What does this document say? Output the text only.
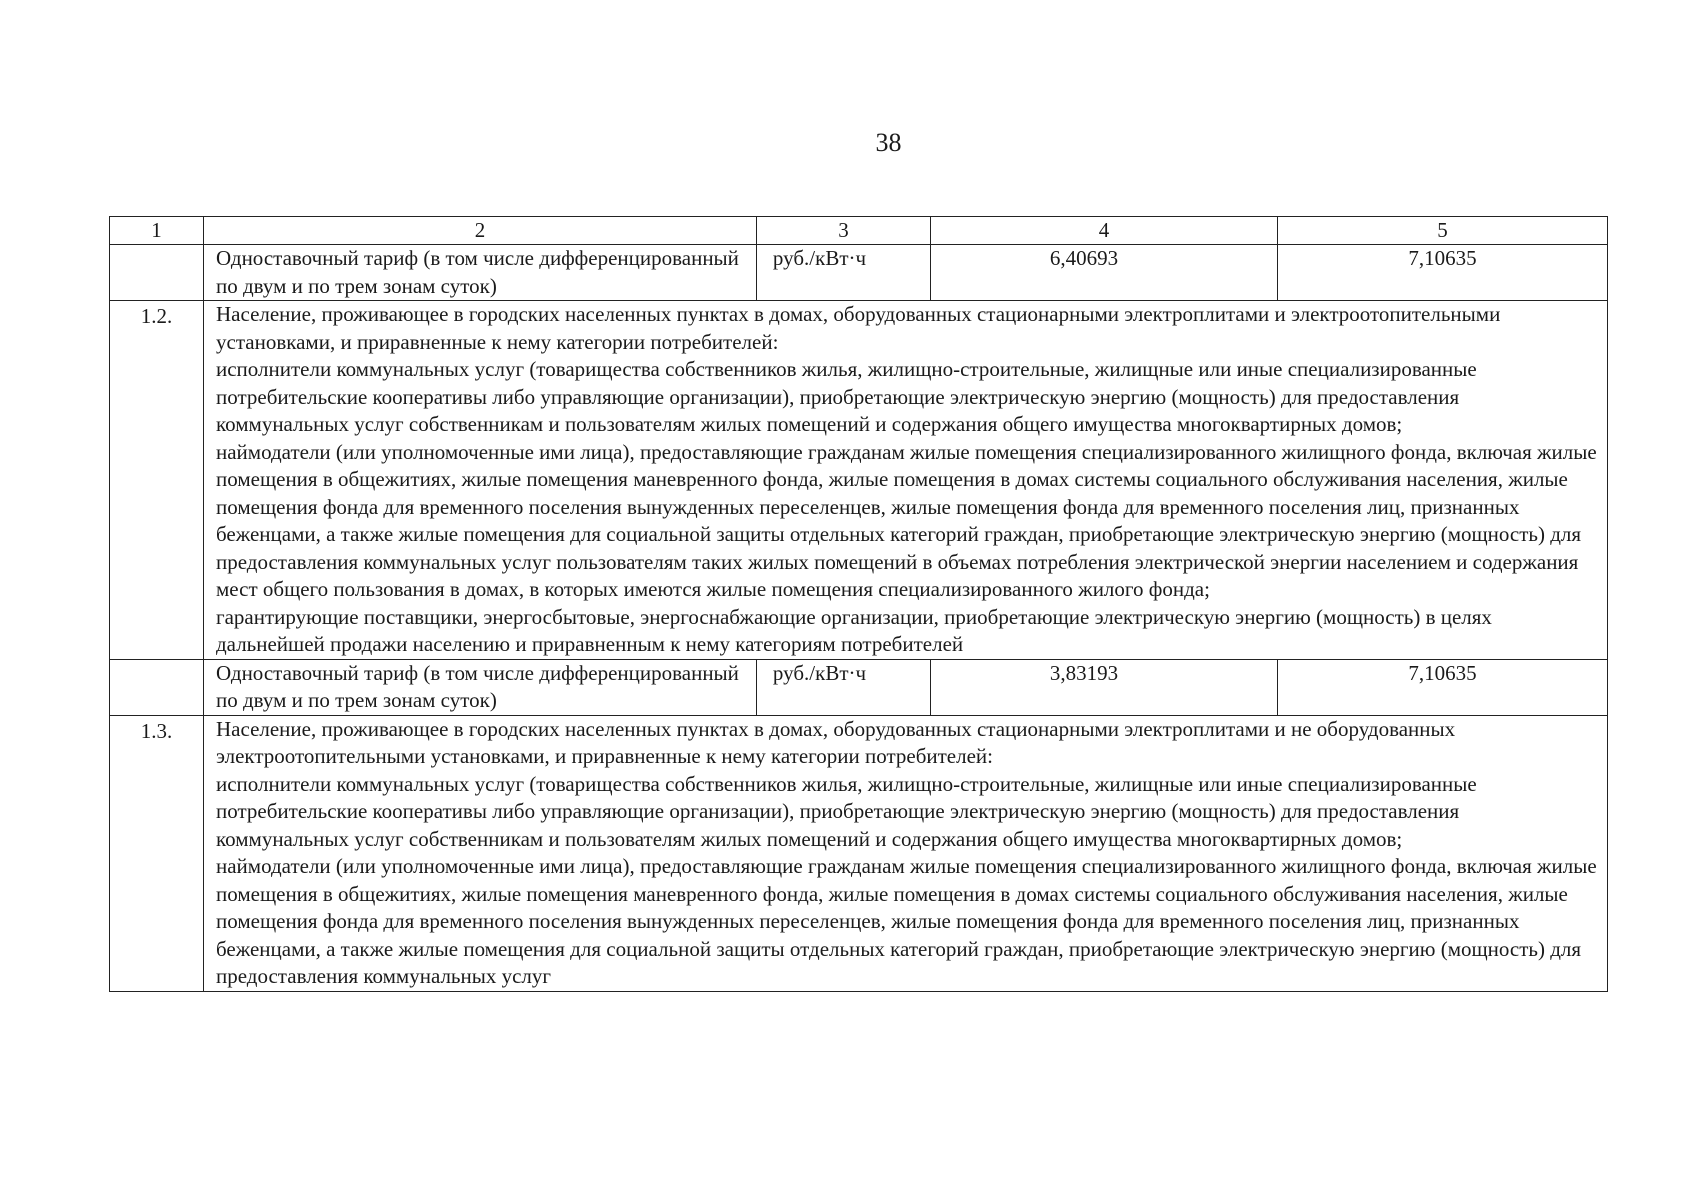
38
1	2	3	4	5
	Одноставочный тариф (в том числе дифференцированный по двум и по трем зонам суток)	руб./кВт·ч	6,40693	7,10635
1.2.	Население, проживающее в городских населенных пунктах в домах, оборудованных стационарными электроплитами и электроотопительными установками, и приравненные к нему категории потребителей:

исполнители коммунальных услуг (товарищества собственников жилья, жилищно-строительные, жилищные или иные специализированные потребительские кооперативы либо управляющие организации), приобретающие электрическую энергию (мощность) для предоставления коммунальных услуг собственникам и пользователям жилых помещений и содержания общего имущества многоквартирных домов;

наймодатели (или уполномоченные ими лица), предоставляющие гражданам жилые помещения специализированного жилищного фонда, включая жилые помещения в общежитиях, жилые помещения маневренного фонда, жилые помещения в домах системы социального обслуживания населения, жилые помещения фонда для временного поселения вынужденных переселенцев, жилые помещения фонда для временного поселения лиц, признанных беженцами, а также жилые помещения для социальной защиты отдельных категорий граждан, приобретающие электрическую энергию (мощность) для предоставления коммунальных услуг пользователям таких жилых помещений в объемах потребления электрической энергии населением и содержания мест общего пользования в домах, в которых имеются жилые помещения специализированного жилого фонда;

гарантирующие поставщики, энергосбытовые, энергоснабжающие организации, приобретающие электрическую энергию (мощность) в целях дальнейшей продажи населению и приравненным к нему категориям потребителей			

	Одноставочный тариф (в том числе дифференцированный по двум и по трем зонам суток)	руб./кВт·ч	3,83193	7,10635
1.3.	Население, проживающее в городских населенных пунктах в домах, оборудованных стационарными электроплитами и не оборудованных электроотопительными установками, и приравненные к нему категории потребителей:

исполнители коммунальных услуг (товарищества собственников жилья, жилищно-строительные, жилищные или иные специализированные потребительские кооперативы либо управляющие организации), приобретающие электрическую энергию (мощность) для предоставления коммунальных услуг собственникам и пользователям жилых помещений и содержания общего имущества многоквартирных домов;

наймодатели (или уполномоченные ими лица), предоставляющие гражданам жилые помещения специализированного жилищного фонда, включая жилые помещения в общежитиях, жилые помещения маневренного фонда, жилые помещения в домах системы социального обслуживания населения, жилые помещения фонда для временного поселения вынужденных переселенцев, жилые помещения фонда для временного поселения лиц, признанных беженцами, а также жилые помещения для социальной защиты отдельных категорий граждан, приобретающие электрическую энергию (мощность) для предоставления коммунальных услуг			
